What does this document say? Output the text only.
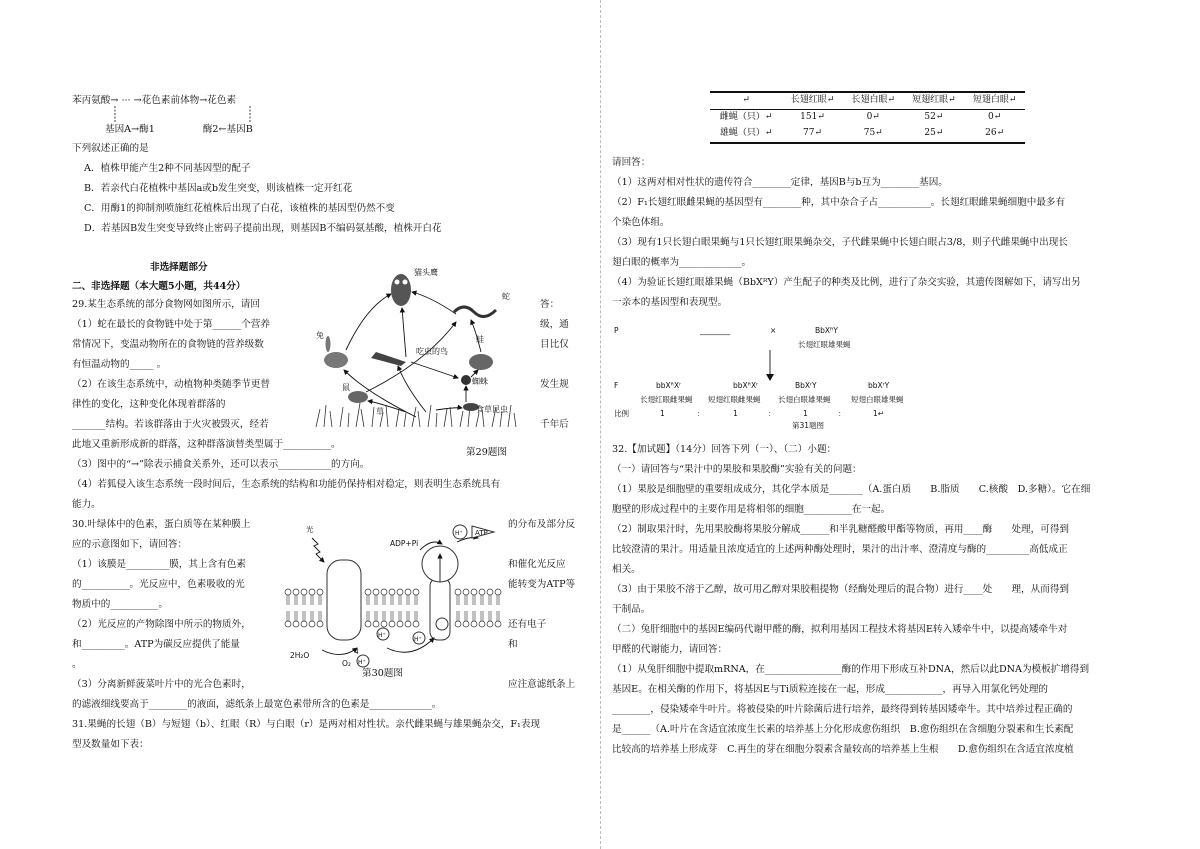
苯丙氨酸→ ··· →花色素前体物→花色素
基因A→酶1　　　　　酶2←基因B
下列叙述正确的是
A．植株甲能产生2种不同基因型的配子
B．若亲代白花植株中基因a或b发生突变，则该植株一定开红花
C．用酶1的抑制剂喷施红花植株后出现了白花，该植株的基因型仍然不变
D．若基因B发生突变导致终止密码子提前出现，则基因B不编码氨基酸，植株开白花
非选择题部分
二、非选择题（本大题5小题，共44分）
29.某生态系统的部分食物网如图所示，请回
（1）蛇在最长的食物链中处于第______个营养
常情况下，变温动物所在的食物链的营养级数
有恒温动物的_____ 。
（2）在该生态系统中，动植物种类随季节更替
律性的变化，这种变化体现着群落的
_______结构。若该群落由于火灾被毁灭，经若
此地又重新形成新的群落，这种群落演替类型属于__________。
（3）图中的“→”除表示捕食关系外，还可以表示___________的方向。
（4）若狐侵入该生态系统一段时间后，生态系统的结构和功能仍保持相对稳定，则表明生态系统具有
能力。
答：
级，通
目比仅
发生规
千年后
猫头鹰
蛇
兔
吃虫的鸟
蛙
鼠
蜘蛛
草	食草昆虫
第29题图
30.叶绿体中的色素，蛋白质等在某种膜上
应的示意图如下，请回答：
（1）该膜是_________膜，其上含有色素
的__________。光反应中，色素吸收的光
物质中的__________。
（2）光反应的产物除图中所示的物质外，
和_________。ATP为碳反应提供了能量
。
（3）分离新鲜菠菜叶片中的光合色素时，
的滤液细线要高于________的液面，滤纸条上最宽色素带所含的色素是_____________。
的分布及部分反
和催化光反应
能转变为ATP等
还有电子
和
应注意滤纸条上
光
ADP+Pi
H⁺ ATP
2H₂O
O₂
4
H⁺
H⁺
H⁺
第30题图
31.果蝇的长翅（B）与短翅（b）、红眼（R）与白眼（r）是两对相对性状。亲代雌果蝇与雄果蝇杂交，F₁表现
型及数量如下表：
↵	长翅红眼↵	长翅白眼↵	短翅红眼↵	短翅白眼↵
雌蝇（只）↵	151↵	0↵	52↵	0↵
雄蝇（只）↵	77↵	75↵	25↵	26↵
请回答：
（1）这两对相对性状的遗传符合________定律，基因B与b互为________基因。
（2）F₁长翅红眼雌果蝇的基因型有________种，其中杂合子占___________。长翅红眼雌果蝇细胞中最多有
个染色体组。
（3）现有1只长翅白眼果蝇与1只长翅红眼果蝇杂交，子代雌果蝇中长翅白眼占3/8，则子代雌果蝇中出现长
翅白眼的概率为_____________。
（4）为验证长翅红眼雄果蝇（BbXᴿY）产生配子的种类及比例，进行了杂交实验，其遗传图解如下，请写出另
一亲本的基因型和表现型。
P	________	×	BbXᴿY
长翅红眼雄果蝇
F	bbXᴿXʳ	bbXᴿXʳ	BbXʳY	bbXʳY
长翅红眼雌果蝇 短翅红眼雌果蝇 长翅白眼雄果蝇	短翅白眼雄果蝇
比例	1	：	1	：	1	：	1↵
第31题图
32.【加试题】（14分）回答下列（一）、（二）小题：
（一）请回答与“果汁中的果胶和果胶酶”实验有关的问题：
（1）果胶是细胞壁的重要组成成分，其化学本质是_______（A.蛋白质　　B.脂质　　C.核酸　D.多糖）。它在细
胞壁的形成过程中的主要作用是将相邻的细胞__________在一起。
（2）制取果汁时，先用果胶酶将果胶分解成______和半乳糖醛酸甲酯等物质，再用____酶　　处理，可得到
比较澄清的果汁。用适量且浓度适宜的上述两种酶处理时，果汁的出汁率、澄清度与酶的_________高低成正
相关。
（3）由于果胶不溶于乙醇，故可用乙醇对果胶粗提物（经酶处理后的混合物）进行____处　　理，从而得到
干制品。
（二）兔肝细胞中的基因E编码代谢甲醛的酶，拟利用基因工程技术将基因E转入矮牵牛中，以提高矮牵牛对
甲醛的代谢能力，请回答：
（1）从兔肝细胞中提取mRNA，在________________酶的作用下形成互补DNA，然后以此DNA为模板扩增得到
基因E。在相关酶的作用下，将基因E与Ti质粒连接在一起，形成____________，再导入用氯化钙处理的
________，侵染矮牵牛叶片。将被侵染的叶片除菌后进行培养，最终得到转基因矮牵牛。其中培养过程正确的
是______（A.叶片在含适宜浓度生长素的培养基上分化形成愈伤组织　B.愈伤组织在含细胞分裂素和生长素配
比较高的培养基上形成芽　C.再生的芽在细胞分裂素含量较高的培养基上生根　　D.愈伤组织在含适宜浓度植
